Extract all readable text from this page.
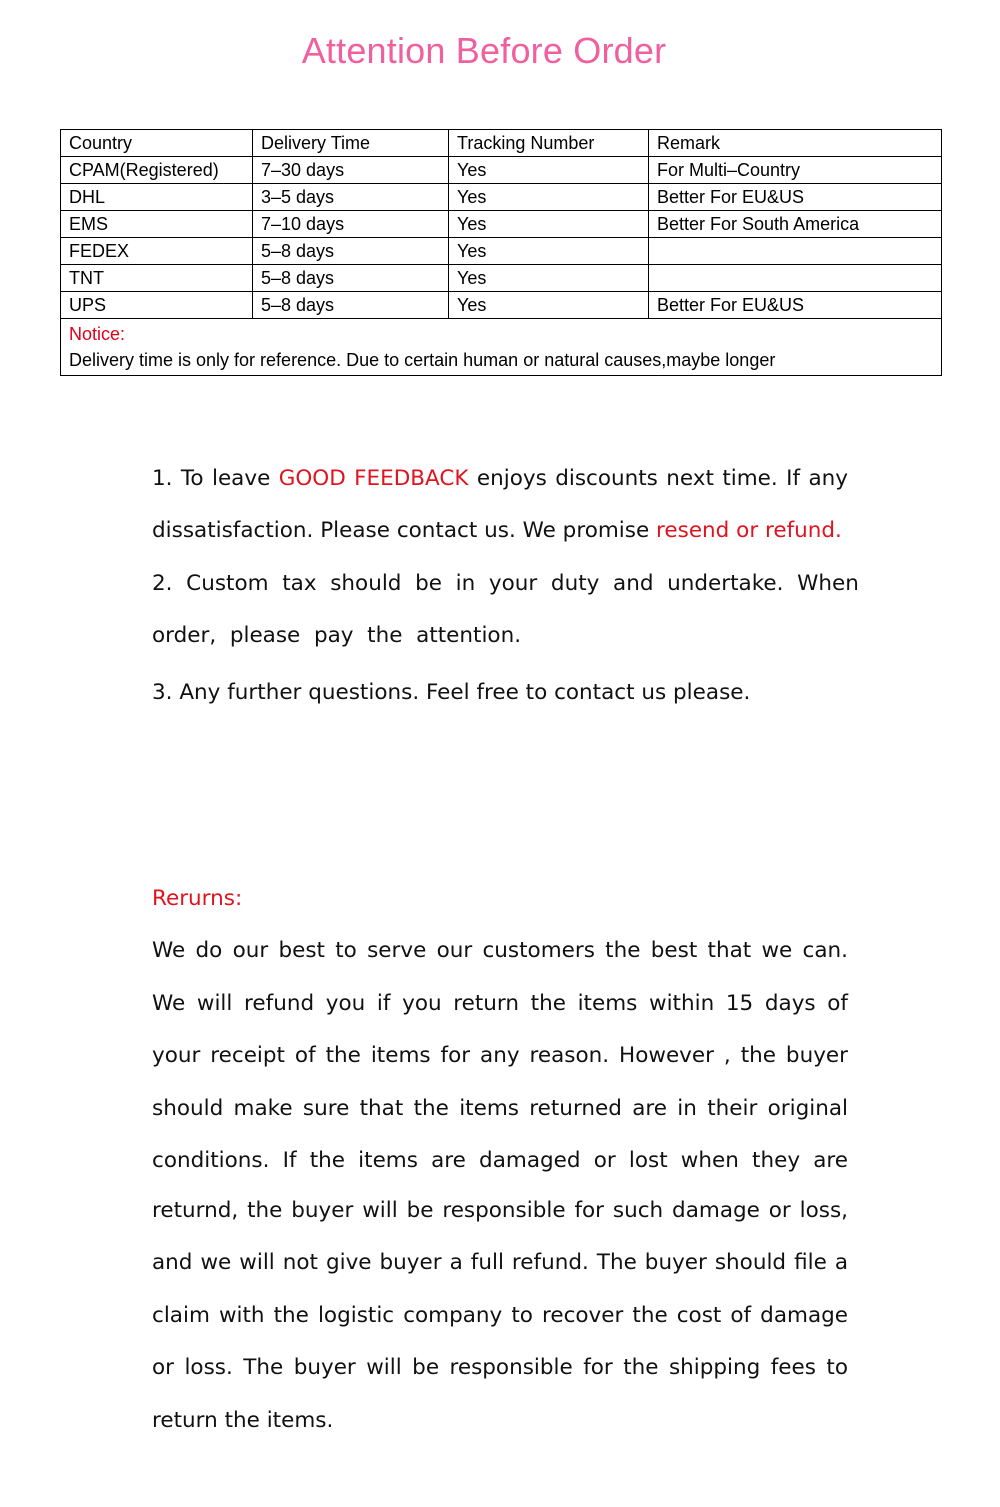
Attention Before Order
Country	Delivery Time	Tracking Number	Remark
CPAM(Registered)	7–30 days	Yes	For Multi–Country
DHL	3–5 days	Yes	Better For EU&US
EMS	7–10 days	Yes	Better For South America
FEDEX	5–8 days	Yes	
TNT	5–8 days	Yes	
UPS	5–8 days	Yes	Better For EU&US

Notice:
Delivery time is only for reference. Due to certain human or natural causes,maybe longer			
1. To leave GOOD FEEDBACK enjoys discounts next time. If any
dissatisfaction. Please contact us. We promise resend or refund.
2.  Custom  tax  should  be  in  your  duty  and  undertake.  When
order,  please  pay  the  attention.
3. Any further questions. Feel free to contact us please.
Rerurns:
We do our best to serve our customers the best that we can.
We will refund you if you return the items within 15 days of
your receipt of the items for any reason. However , the buyer
should make sure that the items returned are in their original
conditions. If the items are damaged or lost when they are
returnd, the buyer will be responsible for such damage or loss,
and we will not give buyer a full refund. The buyer should file a
claim with the logistic company to recover the cost of damage
or loss. The buyer will be responsible for the shipping fees to
return the items.
